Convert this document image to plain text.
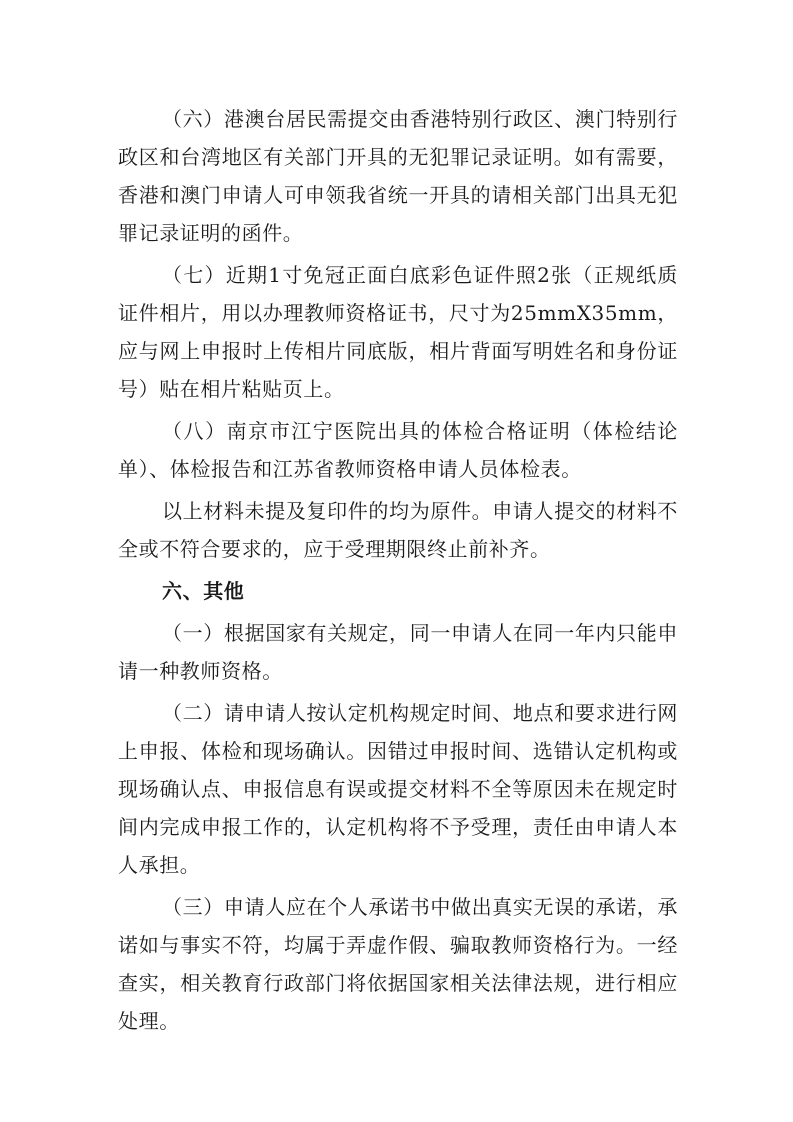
（六）港澳台居民需提交由香港特别行政区、澳门特别行政区和台湾地区有关部门开具的无犯罪记录证明。如有需要，香港和澳门申请人可申领我省统一开具的请相关部门出具无犯罪记录证明的函件。

（七）近期1寸免冠正面白底彩色证件照2张（正规纸质证件相片，用以办理教师资格证书，尺寸为25mmX35mm，应与网上申报时上传相片同底版，相片背面写明姓名和身份证号）贴在相片粘贴页上。

（八）南京市江宁医院出具的体检合格证明（体检结论单）、体检报告和江苏省教师资格申请人员体检表。

以上材料未提及复印件的均为原件。申请人提交的材料不全或不符合要求的，应于受理期限终止前补齐。

六、其他

（一）根据国家有关规定，同一申请人在同一年内只能申请一种教师资格。

（二）请申请人按认定机构规定时间、地点和要求进行网上申报、体检和现场确认。因错过申报时间、选错认定机构或现场确认点、申报信息有误或提交材料不全等原因未在规定时间内完成申报工作的，认定机构将不予受理，责任由申请人本人承担。

（三）申请人应在个人承诺书中做出真实无误的承诺，承诺如与事实不符，均属于弄虚作假、骗取教师资格行为。一经查实，相关教育行政部门将依据国家相关法律法规，进行相应处理。
